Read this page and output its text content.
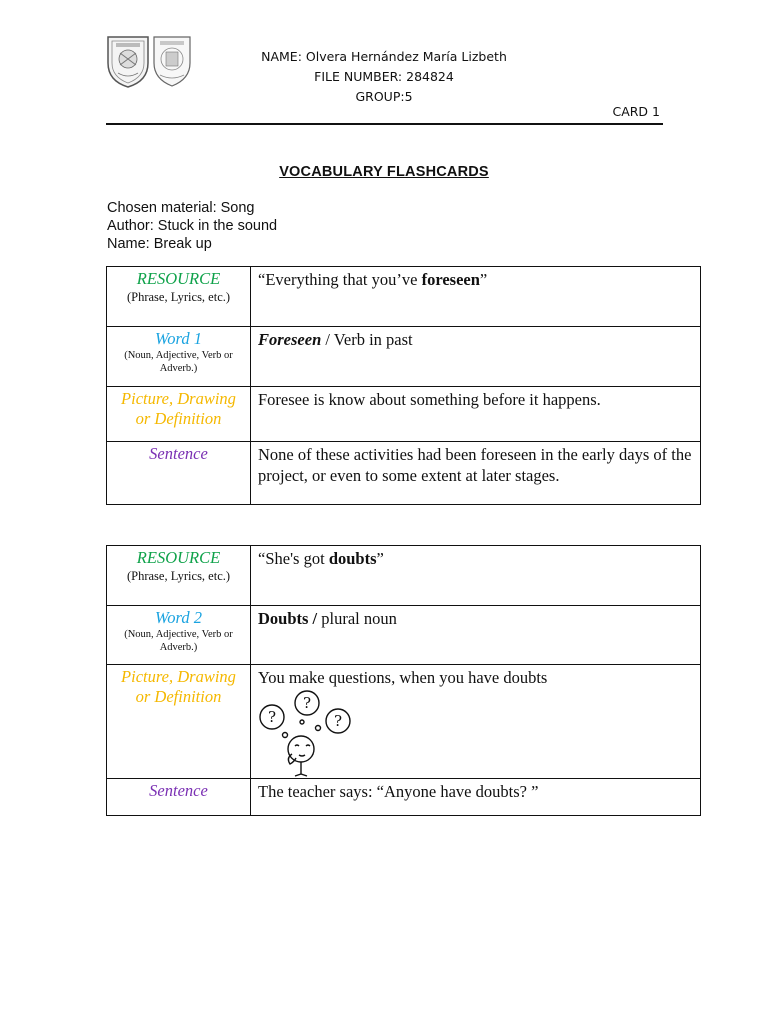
NAME: Olvera Hernández María Lizbeth
FILE NUMBER: 284824
GROUP:5
CARD 1
VOCABULARY FLASHCARDS
Chosen material: Song
Author: Stuck in the sound
Name: Break up
RESOURCE
(Phrase, Lyrics, etc.)	“Everything that you’ve foreseen”

Word 1
(Noun, Adjective, Verb or Adverb.)	Foreseen / Verb in past

Picture, Drawing
or Definition	Foresee is know about something before it happens.

Sentence	None of these activities had been foreseen in the early days of the project, or even to some extent at later stages.
RESOURCE
(Phrase, Lyrics, etc.)	“She's got doubts”

Word 2
(Noun, Adjective, Verb or Adverb.)	Doubts / plural noun

Picture, Drawing
or Definition	You make questions, when you have doubts
?
?
?

Sentence	The teacher says: “Anyone have doubts? ”
